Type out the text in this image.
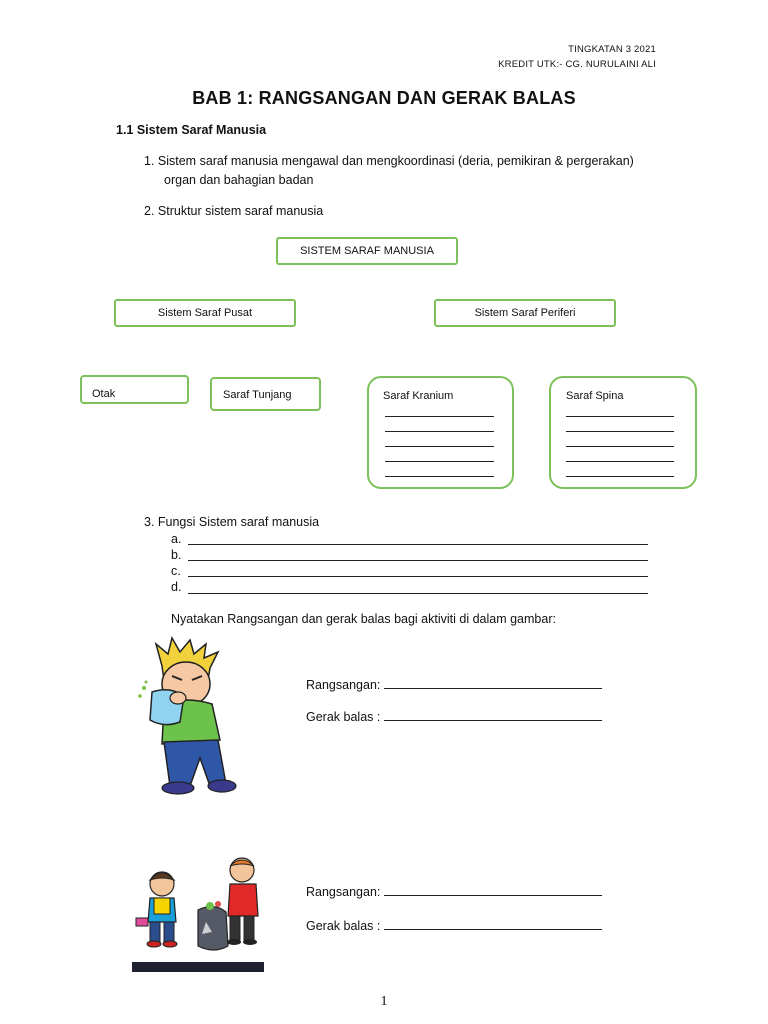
TINGKATAN 3 2021
KREDIT UTK:- CG. NURULAINI ALI
BAB 1: RANGSANGAN DAN GERAK BALAS
1.1 Sistem Saraf Manusia
1. Sistem saraf manusia mengawal dan mengkoordinasi (deria, pemikiran & pergerakan)
organ dan bahagian badan
2. Struktur sistem saraf manusia
SISTEM SARAF MANUSIA
Sistem Saraf Pusat	Sistem Saraf Periferi
Otak	Saraf Tunjang	Saraf Kranium	Saraf Spina
3. Fungsi Sistem saraf manusia
a.
b.
c.
d.
Nyatakan Rangsangan dan gerak balas bagi aktiviti di dalam gambar:
Rangsangan:
Gerak balas :
Rangsangan:
Gerak balas :
1
